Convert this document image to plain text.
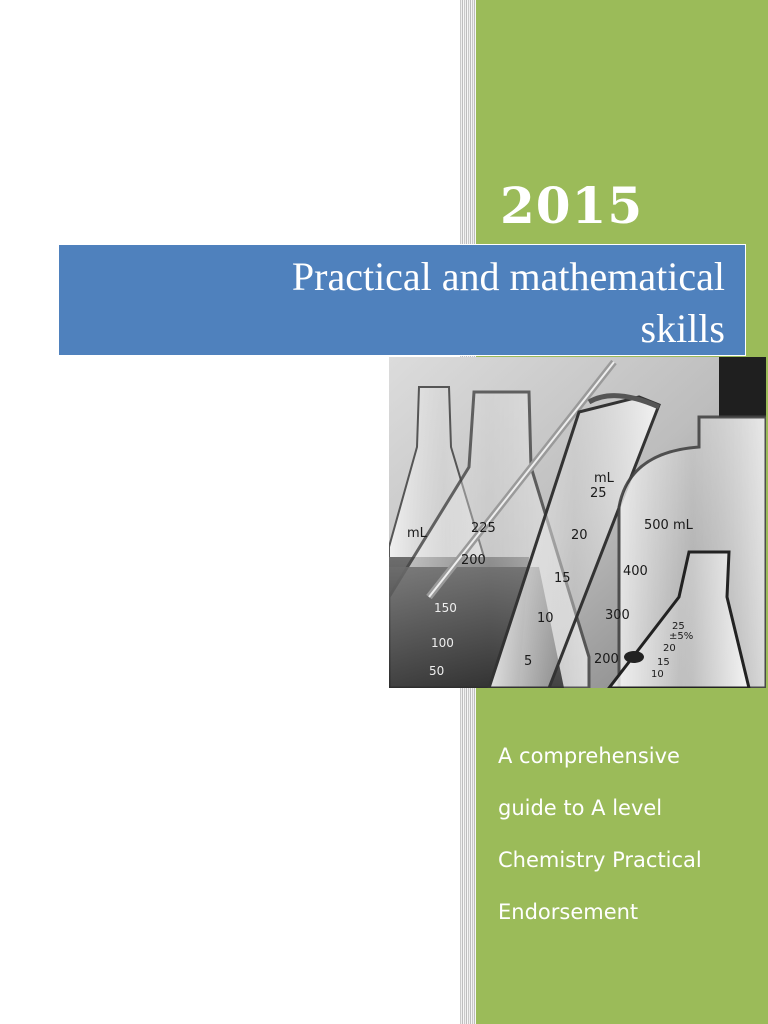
2015
Practical and mathematical
skills
mL	225
200
150
100
50
mL
25
20
15
10
5
500 mL
400
300
200
25
±5%
20
15
10
A comprehensive
guide to A level
Chemistry Practical
Endorsement
